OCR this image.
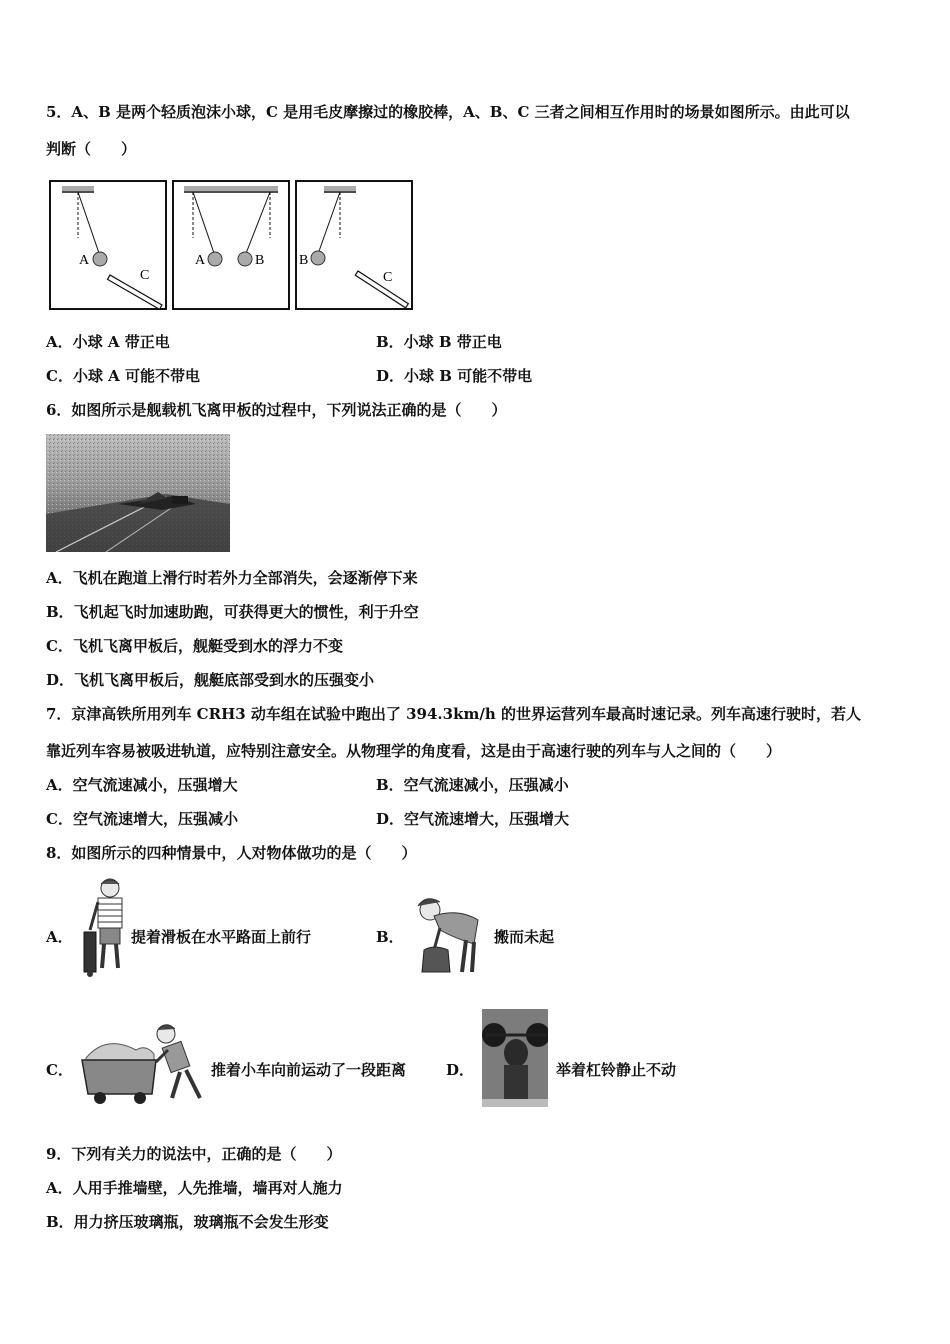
5．A、B 是两个轻质泡沫小球，C 是用毛皮摩擦过的橡胶棒，A、B、C 三者之间相互作用时的场景如图所示。由此可以
判断（　　）
A
C
A	B B
C
A．小球 A 带正电	B．小球 B 带正电
C．小球 A 可能不带电	D．小球 B 可能不带电
6．如图所示是舰载机飞离甲板的过程中，下列说法正确的是（　　）
A．飞机在跑道上滑行时若外力全部消失，会逐渐停下来
B．飞机起飞时加速助跑，可获得更大的惯性，利于升空
C．飞机飞离甲板后，舰艇受到水的浮力不变
D．飞机飞离甲板后，舰艇底部受到水的压强变小
7．京津高铁所用列车 CRH3 动车组在试验中跑出了 394.3km/h 的世界运营列车最高时速记录。列车高速行驶时，若人
靠近列车容易被吸进轨道，应特别注意安全。从物理学的角度看，这是由于高速行驶的列车与人之间的（　　）
A．空气流速减小，压强增大	B．空气流速减小，压强减小
C．空气流速增大，压强减小	D．空气流速增大，压强增大
8．如图所示的四种情景中，人对物体做功的是（　　）
A．	提着滑板在水平路面上前行	B．	搬而未起
C．	推着小车向前运动了一段距离	D．	举着杠铃静止不动
9．下列有关力的说法中，正确的是（　　）
A．人用手推墙壁，人先推墙，墙再对人施力
B．用力挤压玻璃瓶，玻璃瓶不会发生形变
